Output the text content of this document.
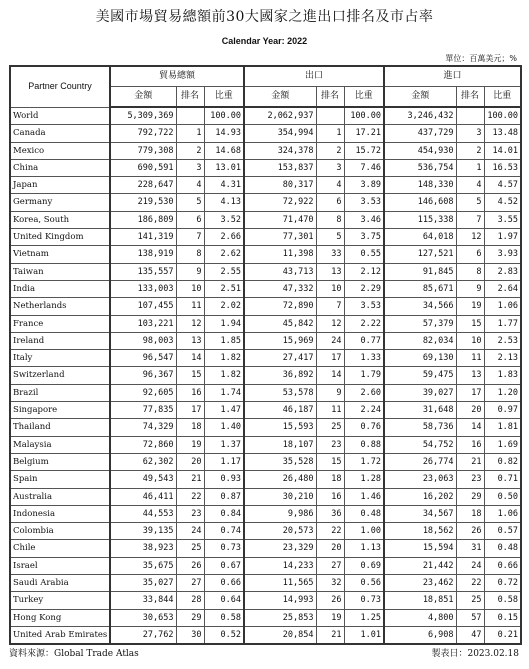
美國市場貿易總額前30大國家之進出口排名及市占率
Calendar Year: 2022
單位：百萬美元；%
Partner Country	貿易總額			出口			進口		
	金額	排名	比重	金額	排名	比重	金額	排名	比重
World	5,309,369		100.00	2,062,937		100.00	3,246,432		100.00
Canada	792,722	1	14.93	354,994	1	17.21	437,729	3	13.48
Mexico	779,308	2	14.68	324,378	2	15.72	454,930	2	14.01
China	690,591	3	13.01	153,837	3	7.46	536,754	1	16.53
Japan	228,647	4	4.31	80,317	4	3.89	148,330	4	4.57
Germany	219,530	5	4.13	72,922	6	3.53	146,608	5	4.52
Korea, South	186,809	6	3.52	71,470	8	3.46	115,338	7	3.55
United Kingdom	141,319	7	2.66	77,301	5	3.75	64,018	12	1.97
Vietnam	138,919	8	2.62	11,398	33	0.55	127,521	6	3.93
Taiwan	135,557	9	2.55	43,713	13	2.12	91,845	8	2.83
India	133,003	10	2.51	47,332	10	2.29	85,671	9	2.64
Netherlands	107,455	11	2.02	72,890	7	3.53	34,566	19	1.06
France	103,221	12	1.94	45,842	12	2.22	57,379	15	1.77
Ireland	98,003	13	1.85	15,969	24	0.77	82,034	10	2.53
Italy	96,547	14	1.82	27,417	17	1.33	69,130	11	2.13
Switzerland	96,367	15	1.82	36,892	14	1.79	59,475	13	1.83
Brazil	92,605	16	1.74	53,578	9	2.60	39,027	17	1.20
Singapore	77,835	17	1.47	46,187	11	2.24	31,648	20	0.97
Thailand	74,329	18	1.40	15,593	25	0.76	58,736	14	1.81
Malaysia	72,860	19	1.37	18,107	23	0.88	54,752	16	1.69
Belgium	62,302	20	1.17	35,528	15	1.72	26,774	21	0.82
Spain	49,543	21	0.93	26,480	18	1.28	23,063	23	0.71
Australia	46,411	22	0.87	30,210	16	1.46	16,202	29	0.50
Indonesia	44,553	23	0.84	9,986	36	0.48	34,567	18	1.06
Colombia	39,135	24	0.74	20,573	22	1.00	18,562	26	0.57
Chile	38,923	25	0.73	23,329	20	1.13	15,594	31	0.48
Israel	35,675	26	0.67	14,233	27	0.69	21,442	24	0.66
Saudi Arabia	35,027	27	0.66	11,565	32	0.56	23,462	22	0.72
Turkey	33,844	28	0.64	14,993	26	0.73	18,851	25	0.58
Hong Kong	30,653	29	0.58	25,853	19	1.25	4,800	57	0.15
United Arab Emirates	27,762	30	0.52	20,854	21	1.01	6,908	47	0.21
資料來源：Global Trade Atlas	製表日：2023.02.18
